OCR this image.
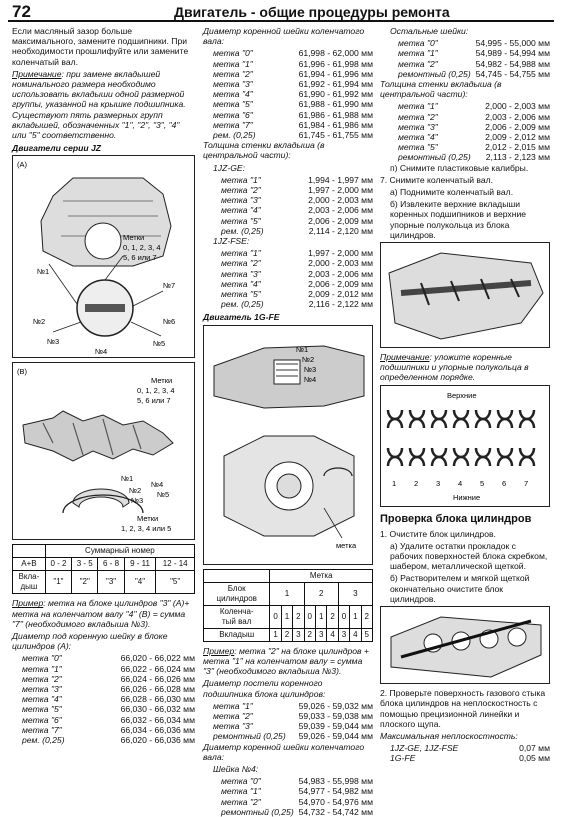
72	Двигатель - общие процедуры ремонта

Если масляный зазор больше максимального, замените подшипники. При необходимости прошлифуйте или замените коленчатый вал.

Примечание: при замене вкладышей номинального размера необходимо использовать вкладыши одной размерной группы, указанной на крышке подшипника. Существуют пять размерных групп вкладышей, обозначенных "1", "2", "3", "4" или "5" соответственно.

Двигатели серии JZ
(A)
Метки
0, 1, 2, 3, 4
5, 6 или 7
№1
№2
№3
№4
№5
№6
№7
(B)
Метки
0, 1, 2, 3, 4
5, 6 или 7
№1
№2
№3
№4
№5
Метки
1, 2, 3, 4 или 5
	Суммарный номер				
A+B	0 - 2	3 - 5	6 - 8	9 - 11	12 - 14
Вкла-
дыш	"1"	"2"	"3"	"4"	"5"

Пример: метка на блоке цилиндров "3" (А)+ метка на коленчатом валу "4" (В) = сумма "7" (необходимого вкладыша №3).

Диаметр под коренную шейку в блоке цилиндров (А):

метка "0"	66,020 - 66,022 мм
метка "1"	66,022 - 66,024 мм
метка "2"	66,024 - 66,026 мм
метка "3"	66,026 - 66,028 мм
метка "4"	66,028 - 66,030 мм
метка "5"	66,030 - 66,032 мм
метка "6"	66,032 - 66,034 мм
метка "7"	66,034 - 66,036 мм
рем. (0,25)	66,020 - 66,036 мм

Диаметр коренной шейки коленчатого вала:

метка "0"	61,998 - 62,000 мм
метка "1"	61,996 - 61,998 мм
метка "2"	61,994 - 61,996 мм
метка "3"	61,992 - 61,994 мм
метка "4"	61,990 - 61,992 мм
метка "5"	61,988 - 61,990 мм
метка "6"	61,986 - 61,988 мм
метка "7"	61,984 - 61,986 мм
рем. (0,25)	61,745 - 61,755 мм

Толщина стенки вкладыша (в центральной части):

1JZ-GE:

метка "1"	1,994 - 1,997 мм
метка "2"	1,997 - 2,000 мм
метка "3"	2,000 - 2,003 мм
метка "4"	2,003 - 2,006 мм
метка "5"	2,006 - 2,009 мм
рем. (0,25)	2,114 - 2,120 мм

1JZ-FSE:

метка "1"	1,997 - 2,000 мм
метка "2"	2,000 - 2,003 мм
метка "3"	2,003 - 2,006 мм
метка "4"	2,006 - 2,009 мм
метка "5"	2,009 - 2,012 мм
рем. (0,25)	2,116 - 2,122 мм
Двигатель 1G-FE
№1
№2
№3
№4
метка
	Метка								
Блок
цилиндров	1			2			3		
Коленча-
тый вал	0	1	2	0	1	2	0	1	2
Вкладыш	1	2	3	2	3	4	3	4	5

Пример: метка "2" на блоке цилиндров + метка "1" на коленчатом валу = сумма "3" (необходимого вкладыша №3).

Диаметр постели коренного подшипника блока цилиндров:

метка "1"	59,026 - 59,032 мм
метка "2"	59,033 - 59,038 мм
метка "3"	59,039 - 59,044 мм
ремонтный (0,25) 59,026 - 59,044 мм

Диаметр коренной шейки коленчатого вала:

Шейка №4:

метка "0"	54,983 - 55,998 мм
метка "1"	54,977 - 54,982 мм
метка "2"	54,970 - 54,976 мм
ремонтный (0,25) 54,732 - 54,742 мм

Остальные шейки:

метка "0"	54,995 - 55,000 мм
метка "1"	54,989 - 54,994 мм
метка "2"	54,982 - 54,988 мм
ремонтный (0,25) 54,745 - 54,755 мм

Толщина стенки вкладыша (в центральной части):

метка "1"	2,000 - 2,003 мм
метка "2"	2,003 - 2,006 мм
метка "3"	2,006 - 2,009 мм
метка "4"	2,009 - 2,012 мм
метка "5"	2,012 - 2,015 мм
ремонтный (0,25) 2,113 - 2,123 мм

п) Снимите пластиковые калибры.

7. Снимите коленчатый вал.

а) Поднимите коленчатый вал.

б) Извлеките верхние вкладыши коренных подшипников и верхние упорные полукольца из блока цилиндров.

Примечание: уложите коренные подшипники и упорные полукольца в определенном порядке.

Верхние
Нижние
1 2 3 4 5 6 7
Проверка блока цилиндров

1. Очистите блок цилиндров.

а) Удалите остатки прокладок с рабочих поверхностей блока скребком, шабером, металлической щеткой.

б) Растворителем и мягкой щеткой окончательно очистите блок цилиндров.

2. Проверьте поверхность газового стыка блока цилиндров на неплоскостность с помощью прецизионной линейки и плоского щупа.

Максимальная неплоскостность:

1JZ-GE, 1JZ-FSE	0,07 мм
1G-FE	0,05 мм
